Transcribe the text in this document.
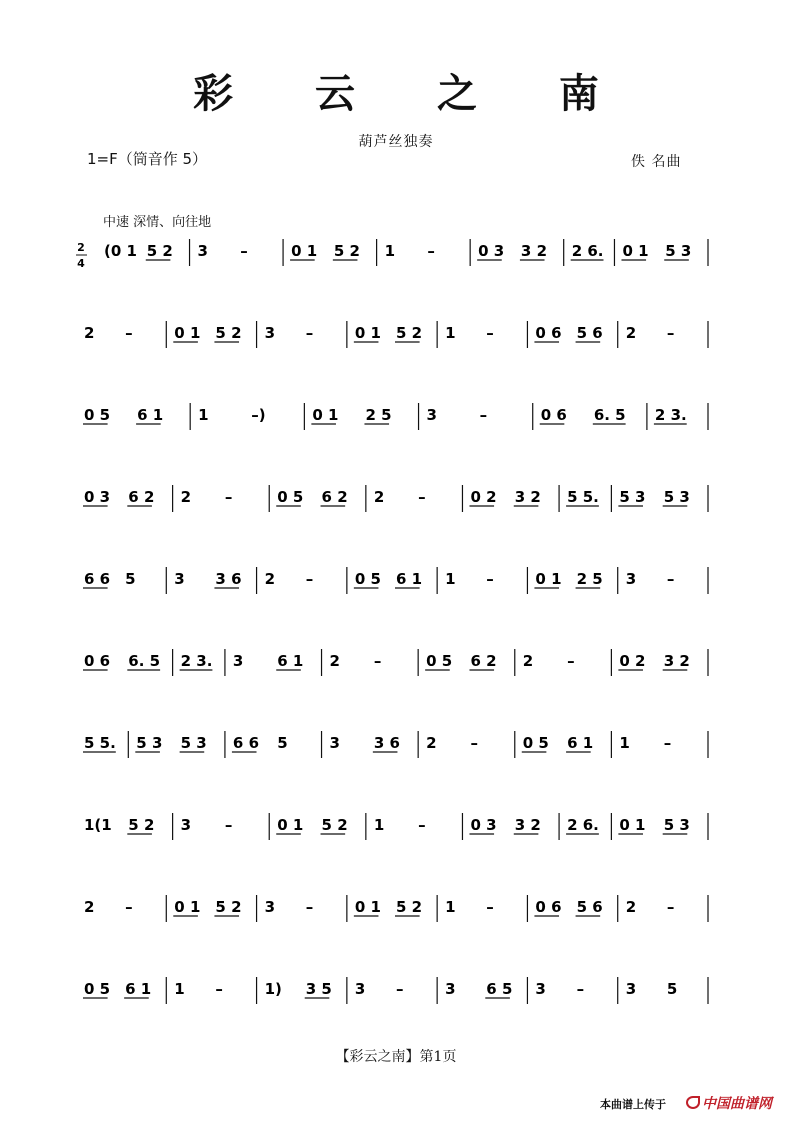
彩 云 之 南
葫芦丝独奏
1=F（筒音作 5）	佚 名曲
中速 深情、向往地
2
4
(0 1 5 2 3 –	0 1 5 2 1 –	0 3 3 2 2 6. 0 1 5 3
2 –	0 1 5 2 3 –	0 1 5 2 1 –	0 6 5 6 2 –
0 5 6 1 1	–)	0 1 2 5 3	–	0 6 6. 5 2 3.
0 3 6 2 2 –	0 5 6 2 2 –	0 2 3 2 5 5. 5 3 5 3
6 6 5	3 3 6 2 –	0 5 6 1 1 –	0 1 2 5 3 –
0 6 6. 5 2 3. 3 6 1 2 –	0 5 6 2 2 –	0 2 3 2
5 5. 5 3 5 3 6 6 5	3 3 6 2 –	0 5 6 1 1 –
1(1 5 2 3 –	0 1 5 2 1 –	0 3 3 2 2 6. 0 1 5 3
2 –	0 1 5 2 3 –	0 1 5 2 1 –	0 6 5 6 2 –
0 5 6 1 1 –	1) 3 5 3 –	3 6 5 3 –	3 5
【彩云之南】第1页
本曲谱上传于	中国曲谱网
